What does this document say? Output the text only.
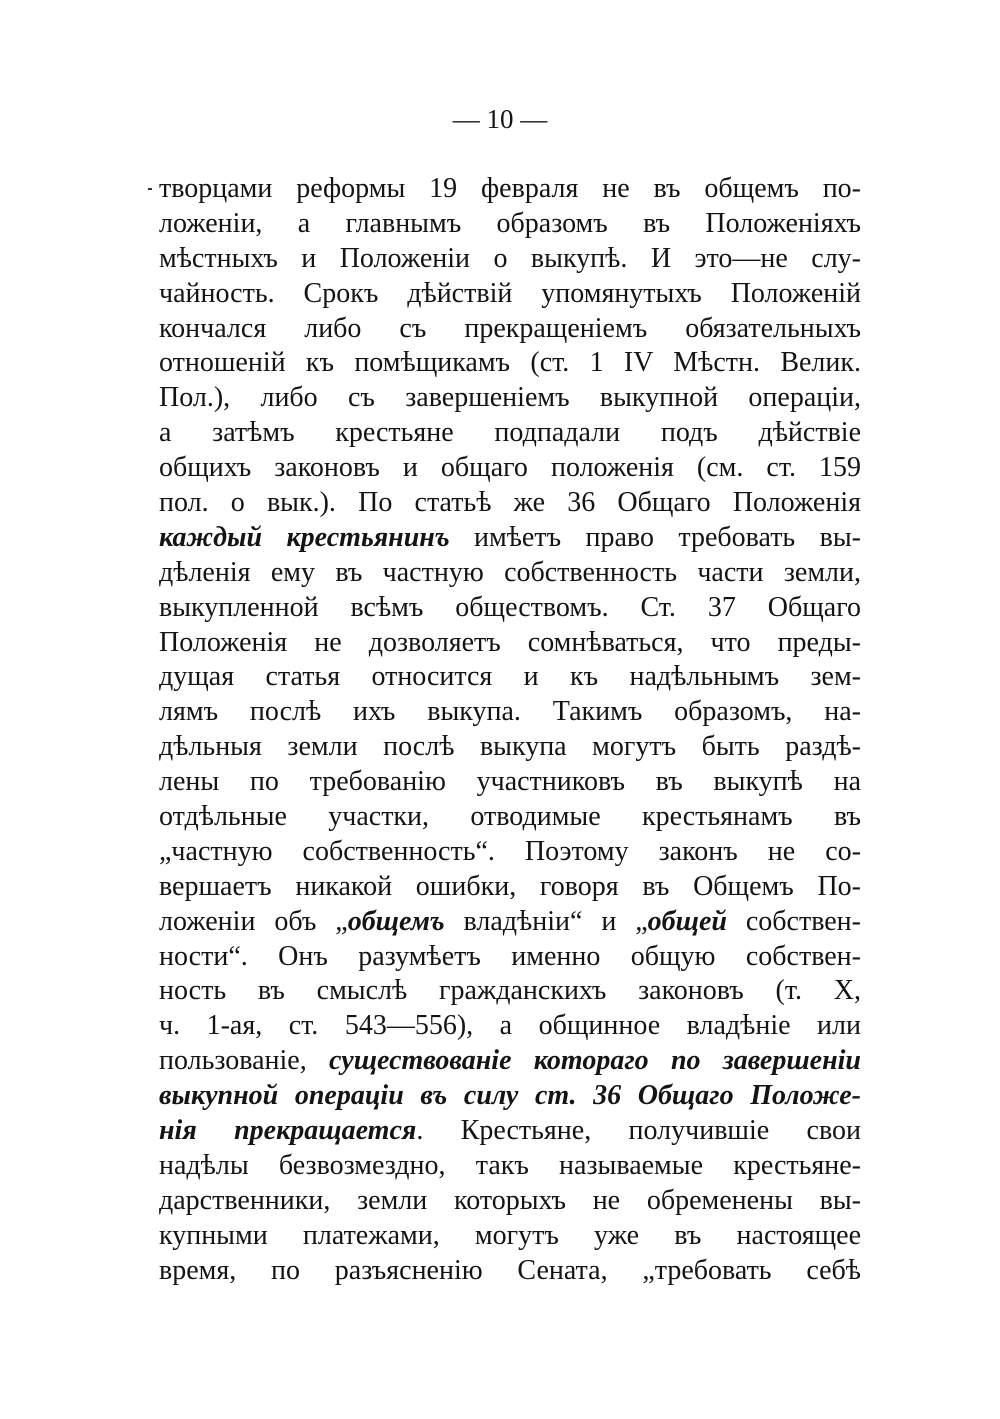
— 10 —
творцами реформы 19 февраля не въ общемъ по-
ложеніи, а главнымъ образомъ въ Положеніяхъ
мѣстныхъ и Положеніи о выкупѣ. И это—не слу-
чайность. Срокъ дѣйствій упомянутыхъ Положеній
кончался либо съ прекращеніемъ обязательныхъ
отношеній къ помѣщикамъ (ст. 1 IV Мѣстн. Велик.
Пол.), либо съ завершеніемъ выкупной операціи,
а затѣмъ крестьяне подпадали подъ дѣйствіе
общихъ законовъ и общаго положенія (см. ст. 159
пол. о вык.). По статьѣ же 36 Общаго Положенія
каждый крестьянинъ имѣетъ право требовать вы-
дѣленія ему въ частную собственность части земли,
выкупленной всѣмъ обществомъ. Ст. 37 Общаго
Положенія не дозволяетъ сомнѣваться, что преды-
дущая статья относится и къ надѣльнымъ зем-
лямъ послѣ ихъ выкупа. Такимъ образомъ, на-
дѣльныя земли послѣ выкупа могутъ быть раздѣ-
лены по требованію участниковъ въ выкупѣ на
отдѣльные участки, отводимые крестьянамъ въ
„частную собственность“. Поэтому законъ не со-
вершаетъ никакой ошибки, говоря въ Общемъ По-
ложеніи объ „общемъ владѣніи“ и „общей собствен-
ности“. Онъ разумѣетъ именно общую собствен-
ность въ смыслѣ гражданскихъ законовъ (т. X,
ч. 1-ая, ст. 543—556), а общинное владѣніе или
пользованіе, существованіе котораго по завершеніи
выкупной операціи въ силу ст. 36 Общаго Положе-
нія прекращается. Крестьяне, получившіе свои
надѣлы безвозмездно, такъ называемые крестьяне-
дарственники, земли которыхъ не обременены вы-
купными платежами, могутъ уже въ настоящее
время, по разъясненію Сената, „требовать себѣ
